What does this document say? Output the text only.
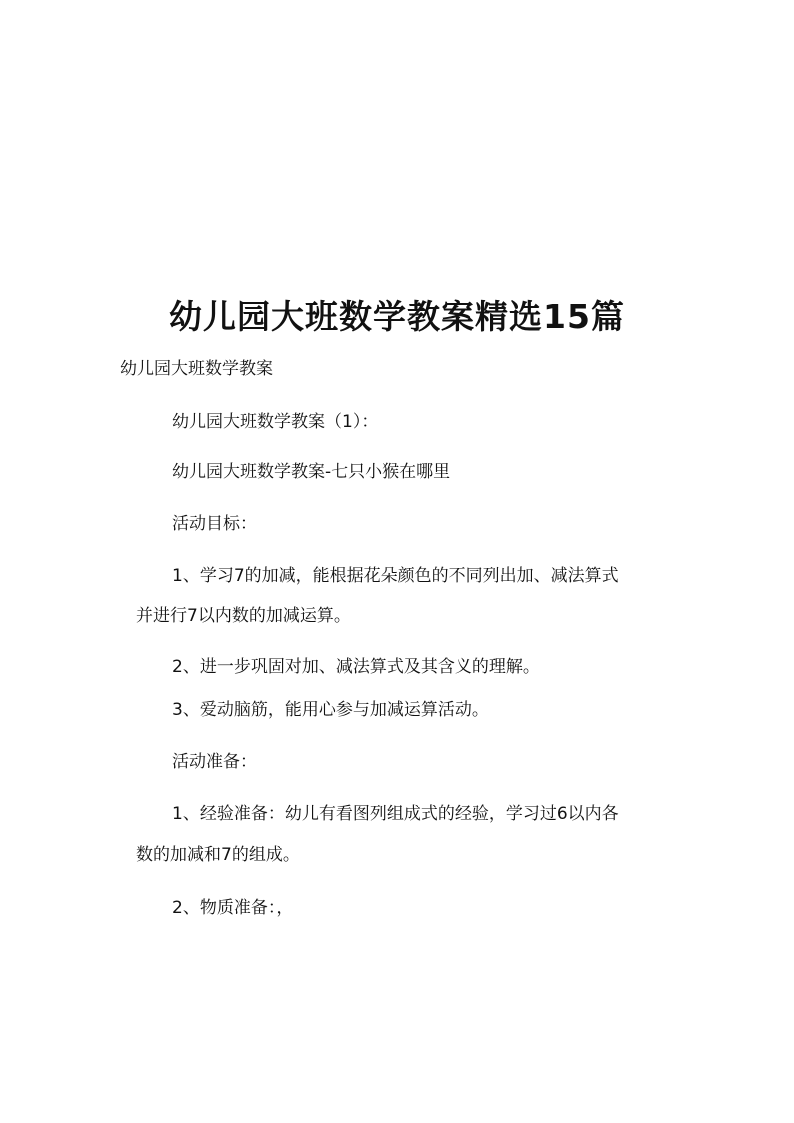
幼儿园大班数学教案精选15篇
幼儿园大班数学教案
幼儿园大班数学教案（1）：
幼儿园大班数学教案-七只小猴在哪里
活动目标：
1、学习7的加减，能根据花朵颜色的不同列出加、减法算式
并进行7以内数的加减运算。
2、进一步巩固对加、减法算式及其含义的理解。
3、爱动脑筋，能用心参与加减运算活动。
活动准备：
1、经验准备：幼儿有看图列组成式的经验，学习过6以内各
数的加减和7的组成。
2、物质准备：，
